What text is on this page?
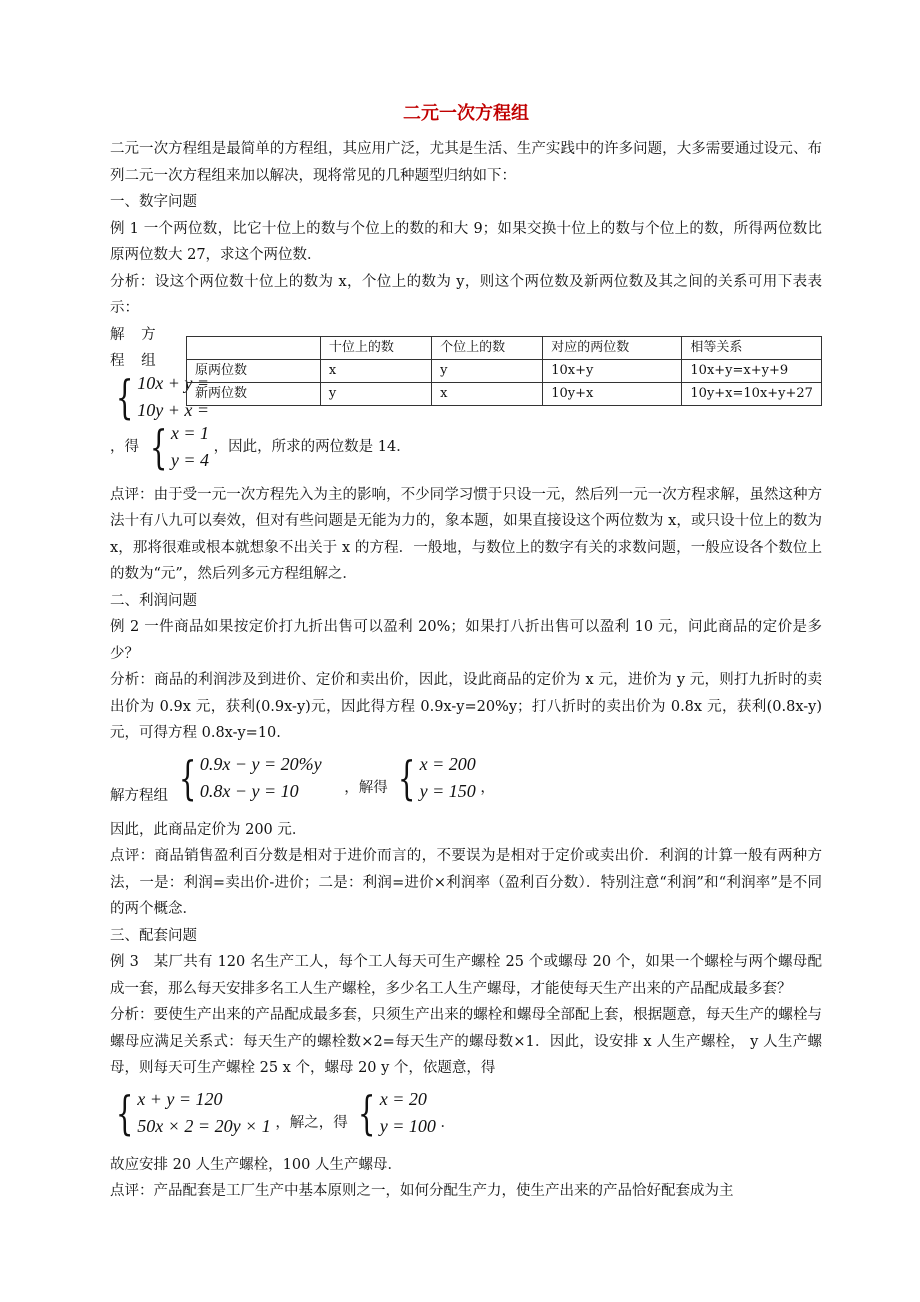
二元一次方程组

二元一次方程组是最简单的方程组，其应用广泛，尤其是生活、生产实践中的许多问题，大多需要通过设元、布列二元一次方程组来加以解决，现将常见的几种题型归纳如下：

一、数字问题

例 1 一个两位数，比它十位上的数与个位上的数的和大 9；如果交换十位上的数与个位上的数，所得两位数比原两位数大 27，求这个两位数．

分析：设这个两位数十位上的数为 x，个位上的数为 y，则这个两位数及新两位数及其之间的关系可用下表表示：

解 方 程 组
{ 10x + y =
10y + x =
	十位上的数	个位上的数	对应的两位数	相等关系
原两位数	x	y	10x+y	10x+y=x+y+9
新两位数	y	x	10y+x	10y+x=10x+y+27
，得 { x = 1
y = 4
，因此，所求的两位数是 14．

点评：由于受一元一次方程先入为主的影响，不少同学习惯于只设一元，然后列一元一次方程求解，虽然这种方法十有八九可以奏效，但对有些问题是无能为力的，象本题，如果直接设这个两位数为 x，或只设十位上的数为 x，那将很难或根本就想象不出关于 x 的方程．一般地，与数位上的数字有关的求数问题，一般应设各个数位上的数为“元”，然后列多元方程组解之．

二、利润问题

例 2 一件商品如果按定价打九折出售可以盈利 20%；如果打八折出售可以盈利 10 元，问此商品的定价是多少？

分析：商品的利润涉及到进价、定价和卖出价，因此，设此商品的定价为 x 元，进价为 y 元，则打九折时的卖出价为 0.9x 元，获利(0.9x-y)元，因此得方程 0.9x-y=20%y；打八折时的卖出价为 0.8x 元，获利(0.8x-y)元，可得方程 0.8x-y=10.

解方程组 { 0.9x − y = 20%y
0.8x − y = 10	，解得 { x = 200
y = 150 ，

因此，此商品定价为 200 元．

点评：商品销售盈利百分数是相对于进价而言的，不要误为是相对于定价或卖出价．利润的计算一般有两种方法，一是：利润=卖出价-进价；二是：利润=进价×利润率（盈利百分数）．特别注意“利润”和“利润率”是不同的两个概念．

三、配套问题

例 3　某厂共有 120 名生产工人，每个工人每天可生产螺栓 25 个或螺母 20 个，如果一个螺栓与两个螺母配成一套，那么每天安排多名工人生产螺栓，多少名工人生产螺母，才能使每天生产出来的产品配成最多套？

分析：要使生产出来的产品配成最多套，只须生产出来的螺栓和螺母全部配上套，根据题意，每天生产的螺栓与螺母应满足关系式：每天生产的螺栓数×2=每天生产的螺母数×1．因此，设安排 x 人生产螺栓， y 人生产螺母，则每天可生产螺栓 25 x 个，螺母 20 y 个，依题意，得

{ x + y = 120
50x × 2 = 20y × 1 ，解之，得 { x = 20
y = 100 ．

故应安排 20 人生产螺栓，100 人生产螺母．

点评：产品配套是工厂生产中基本原则之一，如何分配生产力，使生产出来的产品恰好配套成为主
